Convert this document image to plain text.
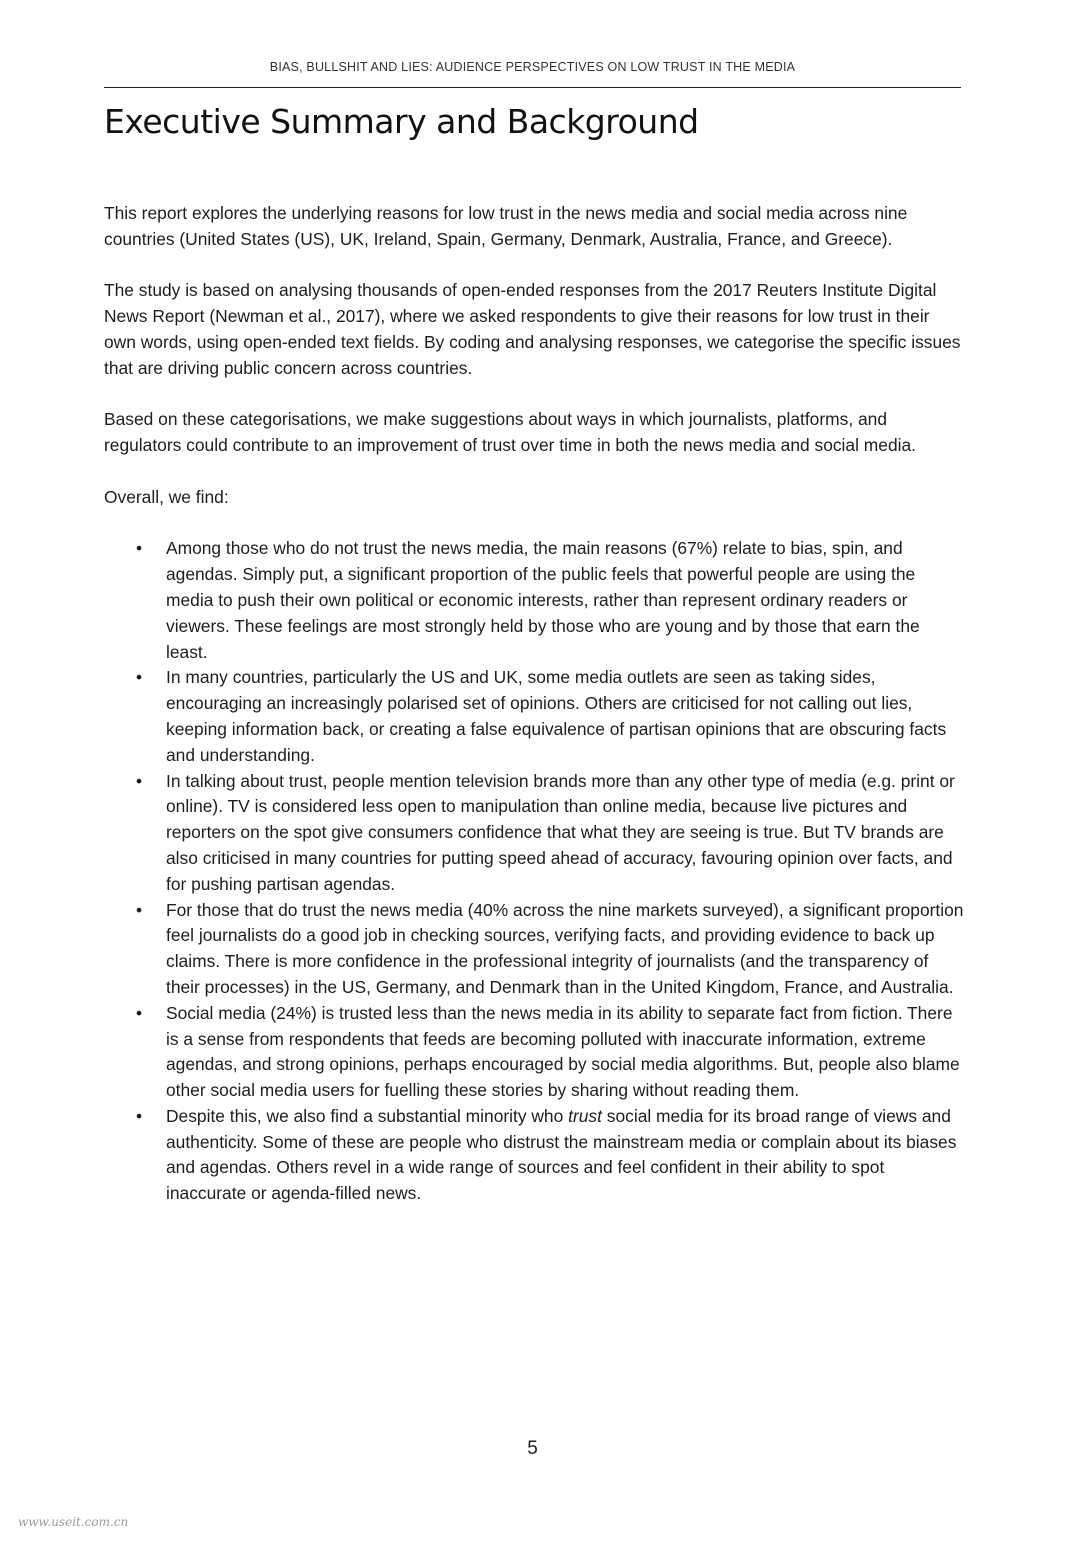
BIAS, BULLSHIT AND LIES: AUDIENCE PERSPECTIVES ON LOW TRUST IN THE MEDIA
Executive Summary and Background

This report explores the underlying reasons for low trust in the news media and social media across nine countries (United States (US), UK, Ireland, Spain, Germany, Denmark, Australia, France, and Greece).

The study is based on analysing thousands of open-ended responses from the 2017 Reuters Institute Digital News Report (Newman et al., 2017), where we asked respondents to give their reasons for low trust in their own words, using open-ended text fields. By coding and analysing responses, we categorise the specific issues that are driving public concern across countries.

Based on these categorisations, we make suggestions about ways in which journalists, platforms, and regulators could contribute to an improvement of trust over time in both the news media and social media.

Overall, we find:

• Among those who do not trust the news media, the main reasons (67%) relate to bias, spin, and agendas. Simply put, a significant proportion of the public feels that powerful people are using the media to push their own political or economic interests, rather than represent ordinary readers or viewers. These feelings are most strongly held by those who are young and by those that earn the least.
• In many countries, particularly the US and UK, some media outlets are seen as taking sides, encouraging an increasingly polarised set of opinions. Others are criticised for not calling out lies, keeping information back, or creating a false equivalence of partisan opinions that are obscuring facts and understanding.
• In talking about trust, people mention television brands more than any other type of media (e.g. print or online). TV is considered less open to manipulation than online media, because live pictures and reporters on the spot give consumers confidence that what they are seeing is true. But TV brands are also criticised in many countries for putting speed ahead of accuracy, favouring opinion over facts, and for pushing partisan agendas.
• For those that do trust the news media (40% across the nine markets surveyed), a significant proportion feel journalists do a good job in checking sources, verifying facts, and providing evidence to back up claims. There is more confidence in the professional integrity of journalists (and the transparency of their processes) in the US, Germany, and Denmark than in the United Kingdom, France, and Australia.
• Social media (24%) is trusted less than the news media in its ability to separate fact from fiction. There is a sense from respondents that feeds are becoming polluted with inaccurate information, extreme agendas, and strong opinions, perhaps encouraged by social media algorithms. But, people also blame other social media users for fuelling these stories by sharing without reading them.
• Despite this, we also find a substantial minority who trust social media for its broad range of views and authenticity. Some of these are people who distrust the mainstream media or complain about its biases and agendas. Others revel in a wide range of sources and feel confident in their ability to spot inaccurate or agenda-filled news.
5
www.useit.com.cn
